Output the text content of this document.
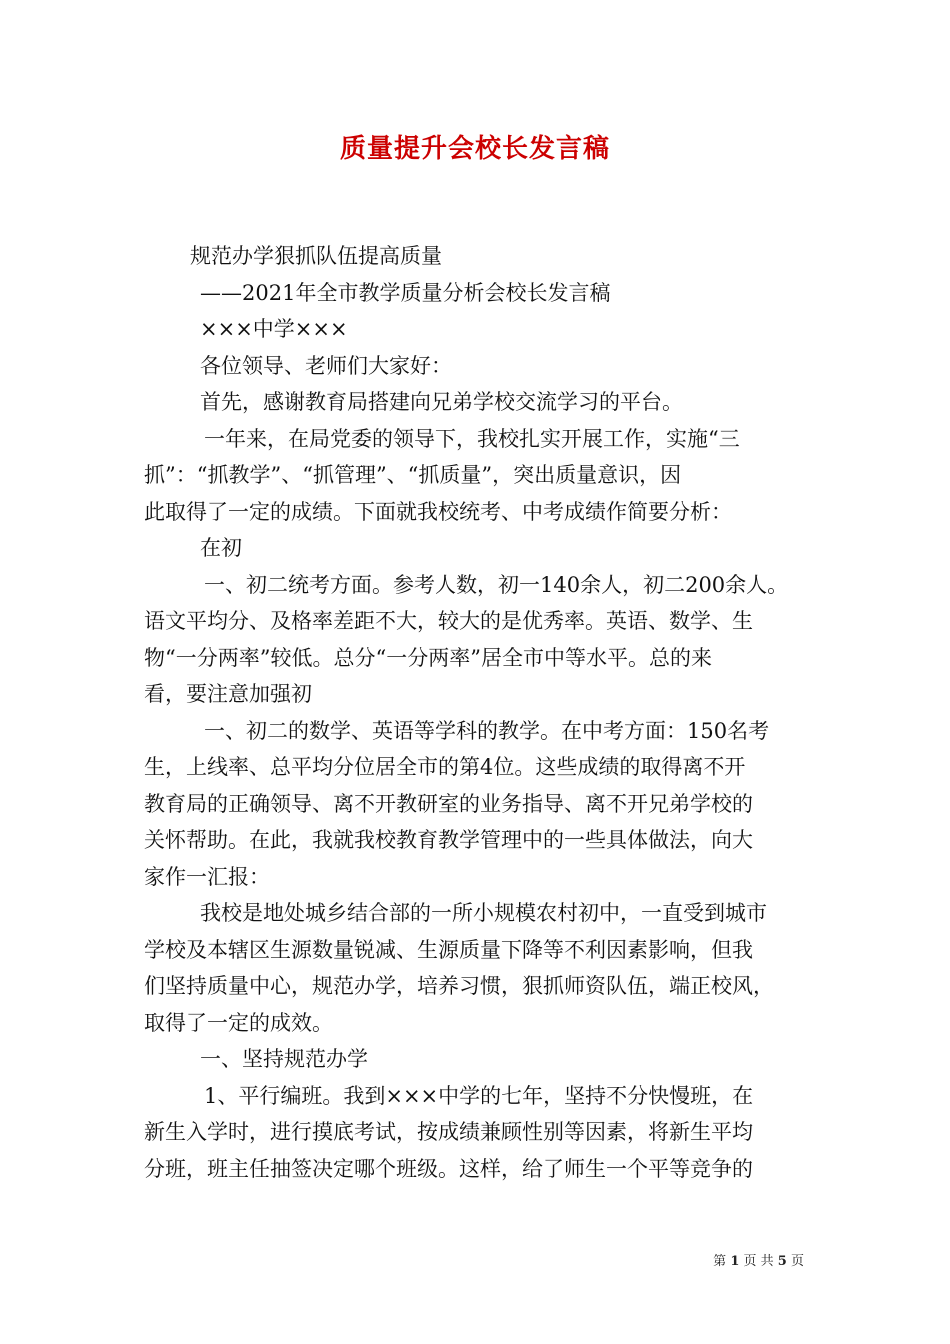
质量提升会校长发言稿
规范办学狠抓队伍提高质量
——2021年全市教学质量分析会校长发言稿
×××中学×××
各位领导、老师们大家好：
首先，感谢教育局搭建向兄弟学校交流学习的平台。
一年来，在局党委的领导下，我校扎实开展工作，实施“三
抓”：“抓教学”、“抓管理”、“抓质量”，突出质量意识，因
此取得了一定的成绩。下面就我校统考、中考成绩作简要分析：
在初
一、初二统考方面。参考人数，初一140余人，初二200余人。
语文平均分、及格率差距不大，较大的是优秀率。英语、数学、生
物“一分两率”较低。总分“一分两率”居全市中等水平。总的来
看，要注意加强初
一、初二的数学、英语等学科的教学。在中考方面：150名考
生，上线率、总平均分位居全市的第4位。这些成绩的取得离不开
教育局的正确领导、离不开教研室的业务指导、离不开兄弟学校的
关怀帮助。在此，我就我校教育教学管理中的一些具体做法，向大
家作一汇报：
我校是地处城乡结合部的一所小规模农村初中，一直受到城市
学校及本辖区生源数量锐减、生源质量下降等不利因素影响，但我
们坚持质量中心，规范办学，培养习惯，狠抓师资队伍，端正校风，
取得了一定的成效。
一、坚持规范办学
1、平行编班。我到×××中学的七年，坚持不分快慢班，在
新生入学时，进行摸底考试，按成绩兼顾性别等因素，将新生平均
分班，班主任抽签决定哪个班级。这样，给了师生一个平等竞争的
第 1 页 共 5 页
